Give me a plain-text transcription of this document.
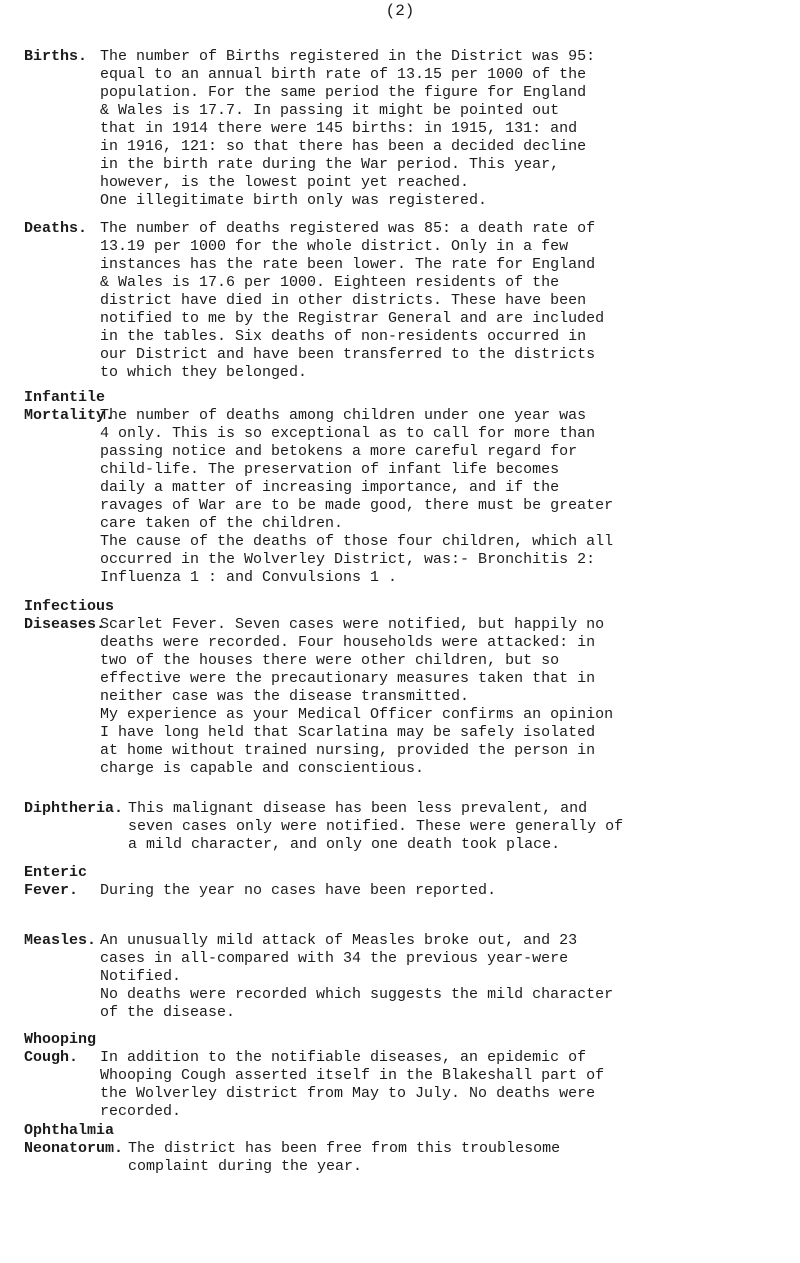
(2)
Births. The number of Births registered in the District was 95:
equal to an annual birth rate of 13.15 per 1000 of the
population. For the same period the figure for England
& Wales is 17.7. In passing it might be pointed out
that in 1914 there were 145 births: in 1915, 131: and
in 1916, 121: so that there has been a decided decline
in the birth rate during the War period. This year,
however, is the lowest point yet reached.
One illegitimate birth only was registered.
Deaths. The number of deaths registered was 85: a death rate of
13.19 per 1000 for the whole district. Only in a few
instances has the rate been lower. The rate for England
& Wales is 17.6 per 1000. Eighteen residents of the
district have died in other districts. These have been
notified to me by the Registrar General and are included
in the tables. Six deaths of non-residents occurred in
our District and have been transferred to the districts
to which they belonged.
Infantile
Mortality.
The number of deaths among children under one year was
4 only. This is so exceptional as to call for more than
passing notice and betokens a more careful regard for
child-life. The preservation of infant life becomes
daily a matter of increasing importance, and if the
ravages of War are to be made good, there must be greater
care taken of the children.
The cause of the deaths of those four children, which all
occurred in the Wolverley District, was:- Bronchitis 2:
Influenza 1 : and Convulsions 1 .
Infectious
Diseases.
Scarlet Fever. Seven cases were notified, but happily no
deaths were recorded. Four households were attacked: in
two of the houses there were other children, but so
effective were the precautionary measures taken that in
neither case was the disease transmitted.
My experience as your Medical Officer confirms an opinion
I have long held that Scarlatina may be safely isolated
at home without trained nursing, provided the person in
charge is capable and conscientious.
Diphtheria. This malignant disease has been less prevalent, and
seven cases only were notified. These were generally of
a mild character, and only one death took place.
Enteric
Fever.	During the year no cases have been reported.
Measles. An unusually mild attack of Measles broke out, and 23
cases in all-compared with 34 the previous year-were
Notified.
No deaths were recorded which suggests the mild character
of the disease.
Whooping
Cough.	In addition to the notifiable diseases, an epidemic of
Whooping Cough asserted itself in the Blakeshall part of
the Wolverley district from May to July. No deaths were
recorded.
Ophthalmia
Neonatorum. The district has been free from this troublesome
complaint during the year.
